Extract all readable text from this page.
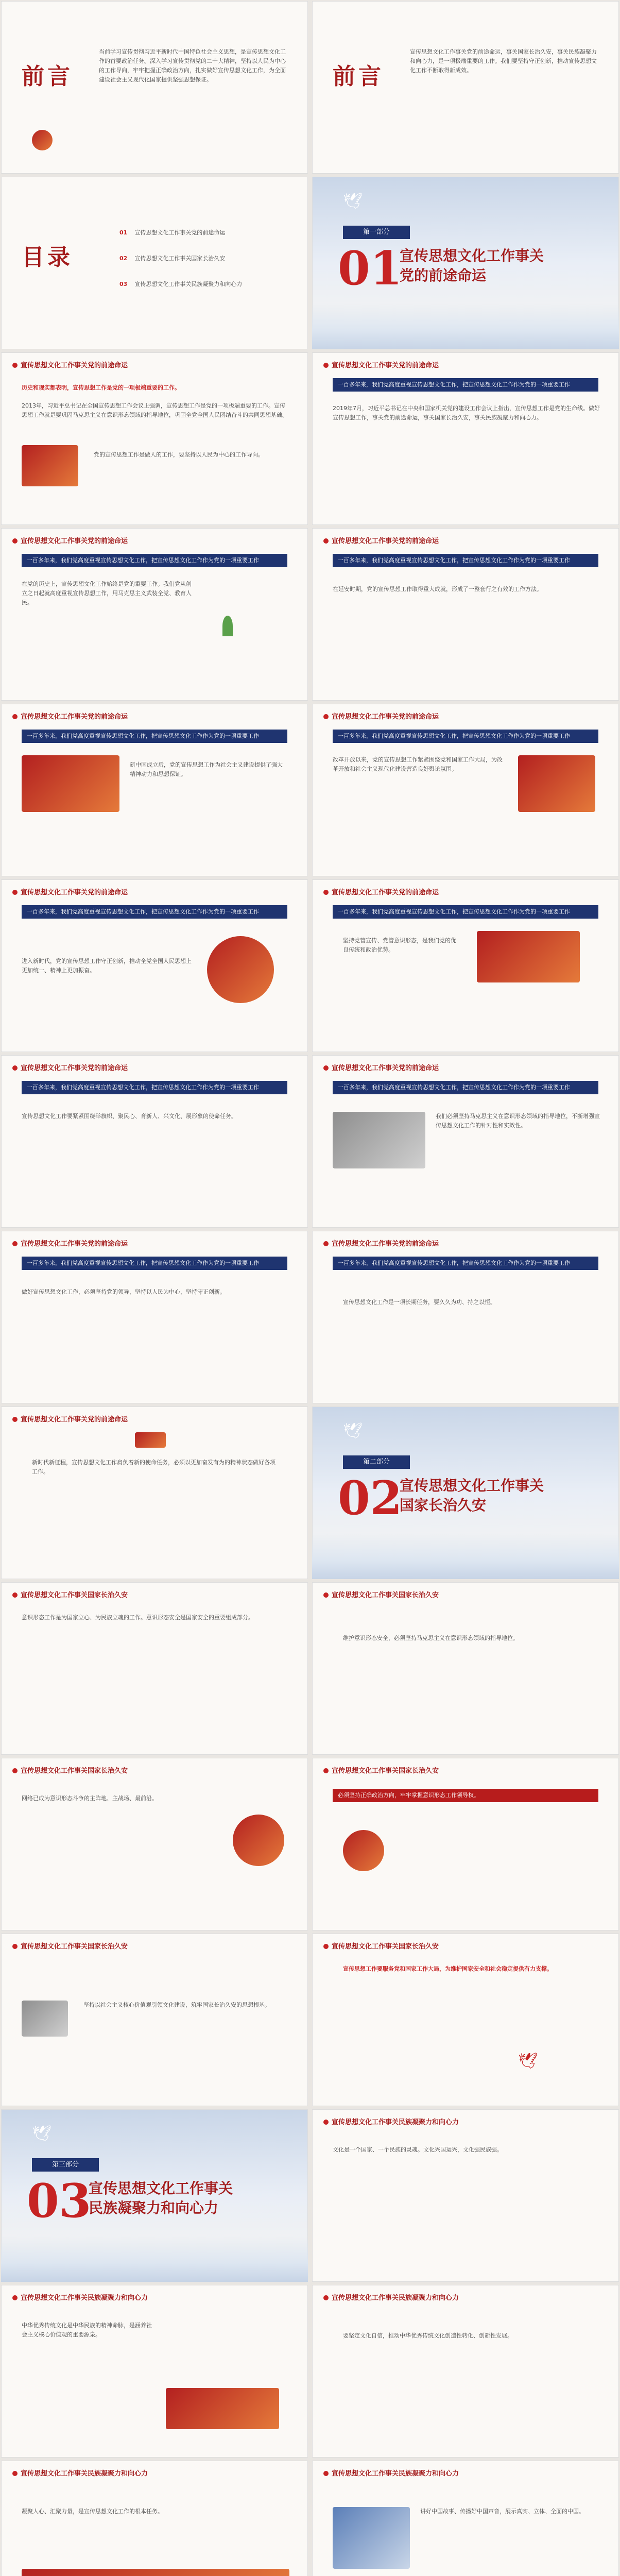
前言
当前学习宣传贯彻习近平新时代中国特色社会主义思想，是宣传思想文化工作的首要政治任务。深入学习宣传贯彻党的二十大精神，坚持以人民为中心的工作导向，牢牢把握正确政治方向，扎实做好宣传思想文化工作，为全面建设社会主义现代化国家提供坚强思想保证。	前言
宣传思想文化工作事关党的前途命运，事关国家长治久安，事关民族凝聚力和向心力，是一项极端重要的工作。我们要坚持守正创新，推动宣传思想文化工作不断取得新成效。
目录
01 宣传思想文化工作事关党的前途命运
02 宣传思想文化工作事关国家长治久安
03 宣传思想文化工作事关民族凝聚力和向心力
🕊
第一部分
01
宣传思想文化工作事关党的前途命运
宣传思想文化工作事关党的前途命运
历史和现实都表明，宣传思想工作是党的一项极端重要的工作。
2013年，习近平总书记在全国宣传思想工作会议上强调，宣传思想工作是党的一项极端重要的工作。宣传思想工作就是要巩固马克思主义在意识形态领域的指导地位，巩固全党全国人民团结奋斗的共同思想基础。
党的宣传思想工作是做人的工作，要坚持以人民为中心的工作导向。
宣传思想文化工作事关党的前途命运
一百多年来，我们党高度重视宣传思想文化工作，把宣传思想文化工作作为党的一项重要工作
2019年7月，习近平总书记在中央和国家机关党的建设工作会议上指出，宣传思想工作是党的生命线。做好宣传思想工作，事关党的前途命运，事关国家长治久安，事关民族凝聚力和向心力。
宣传思想文化工作事关党的前途命运
一百多年来，我们党高度重视宣传思想文化工作，把宣传思想文化工作作为党的一项重要工作
在党的历史上，宣传思想文化工作始终是党的重要工作。我们党从创立之日起就高度重视宣传思想工作，用马克思主义武装全党、教育人民。
宣传思想文化工作事关党的前途命运
一百多年来，我们党高度重视宣传思想文化工作，把宣传思想文化工作作为党的一项重要工作
在延安时期，党的宣传思想工作取得重大成就，形成了一整套行之有效的工作方法。
宣传思想文化工作事关党的前途命运
一百多年来，我们党高度重视宣传思想文化工作，把宣传思想文化工作作为党的一项重要工作
新中国成立后，党的宣传思想工作为社会主义建设提供了强大精神动力和思想保证。
宣传思想文化工作事关党的前途命运
一百多年来，我们党高度重视宣传思想文化工作，把宣传思想文化工作作为党的一项重要工作
改革开放以来，党的宣传思想工作紧紧围绕党和国家工作大局，为改革开放和社会主义现代化建设营造良好舆论氛围。
宣传思想文化工作事关党的前途命运
一百多年来，我们党高度重视宣传思想文化工作，把宣传思想文化工作作为党的一项重要工作
进入新时代，党的宣传思想工作守正创新，推动全党全国人民思想上更加统一、精神上更加振奋。
宣传思想文化工作事关党的前途命运
一百多年来，我们党高度重视宣传思想文化工作，把宣传思想文化工作作为党的一项重要工作
坚持党管宣传、党管意识形态，是我们党的优良传统和政治优势。
宣传思想文化工作事关党的前途命运
一百多年来，我们党高度重视宣传思想文化工作，把宣传思想文化工作作为党的一项重要工作
宣传思想文化工作要紧紧围绕举旗帜、聚民心、育新人、兴文化、展形象的使命任务。
宣传思想文化工作事关党的前途命运
一百多年来，我们党高度重视宣传思想文化工作，把宣传思想文化工作作为党的一项重要工作
我们必须坚持马克思主义在意识形态领域的指导地位，不断增强宣传思想文化工作的针对性和实效性。
宣传思想文化工作事关党的前途命运
一百多年来，我们党高度重视宣传思想文化工作，把宣传思想文化工作作为党的一项重要工作
做好宣传思想文化工作，必须坚持党的领导，坚持以人民为中心，坚持守正创新。
宣传思想文化工作事关党的前途命运
一百多年来，我们党高度重视宣传思想文化工作，把宣传思想文化工作作为党的一项重要工作
宣传思想文化工作是一项长期任务，要久久为功、持之以恒。
宣传思想文化工作事关党的前途命运
新时代新征程，宣传思想文化工作肩负着新的使命任务，必须以更加奋发有为的精神状态做好各项工作。
🕊
第二部分
02
宣传思想文化工作事关国家长治久安
宣传思想文化工作事关国家长治久安
意识形态工作是为国家立心、为民族立魂的工作。意识形态安全是国家安全的重要组成部分。
宣传思想文化工作事关国家长治久安
维护意识形态安全，必须坚持马克思主义在意识形态领域的指导地位。
宣传思想文化工作事关国家长治久安
网络已成为意识形态斗争的主阵地、主战场、最前沿。
宣传思想文化工作事关国家长治久安
必须坚持正确政治方向，牢牢掌握意识形态工作领导权。
宣传思想文化工作事关国家长治久安
坚持以社会主义核心价值观引领文化建设，筑牢国家长治久安的思想根基。
宣传思想文化工作事关国家长治久安
宣传思想工作要服务党和国家工作大局，为维护国家安全和社会稳定提供有力支撑。
🕊
🕊
第三部分
03
宣传思想文化工作事关民族凝聚力和向心力
宣传思想文化工作事关民族凝聚力和向心力
文化是一个国家、一个民族的灵魂。文化兴国运兴，文化强民族强。
宣传思想文化工作事关民族凝聚力和向心力
中华优秀传统文化是中华民族的精神命脉，是涵养社会主义核心价值观的重要源泉。
宣传思想文化工作事关民族凝聚力和向心力
要坚定文化自信，推动中华优秀传统文化创造性转化、创新性发展。
宣传思想文化工作事关民族凝聚力和向心力
凝聚人心、汇聚力量，是宣传思想文化工作的根本任务。
宣传思想文化工作事关民族凝聚力和向心力
讲好中国故事、传播好中国声音，展示真实、立体、全面的中国。
